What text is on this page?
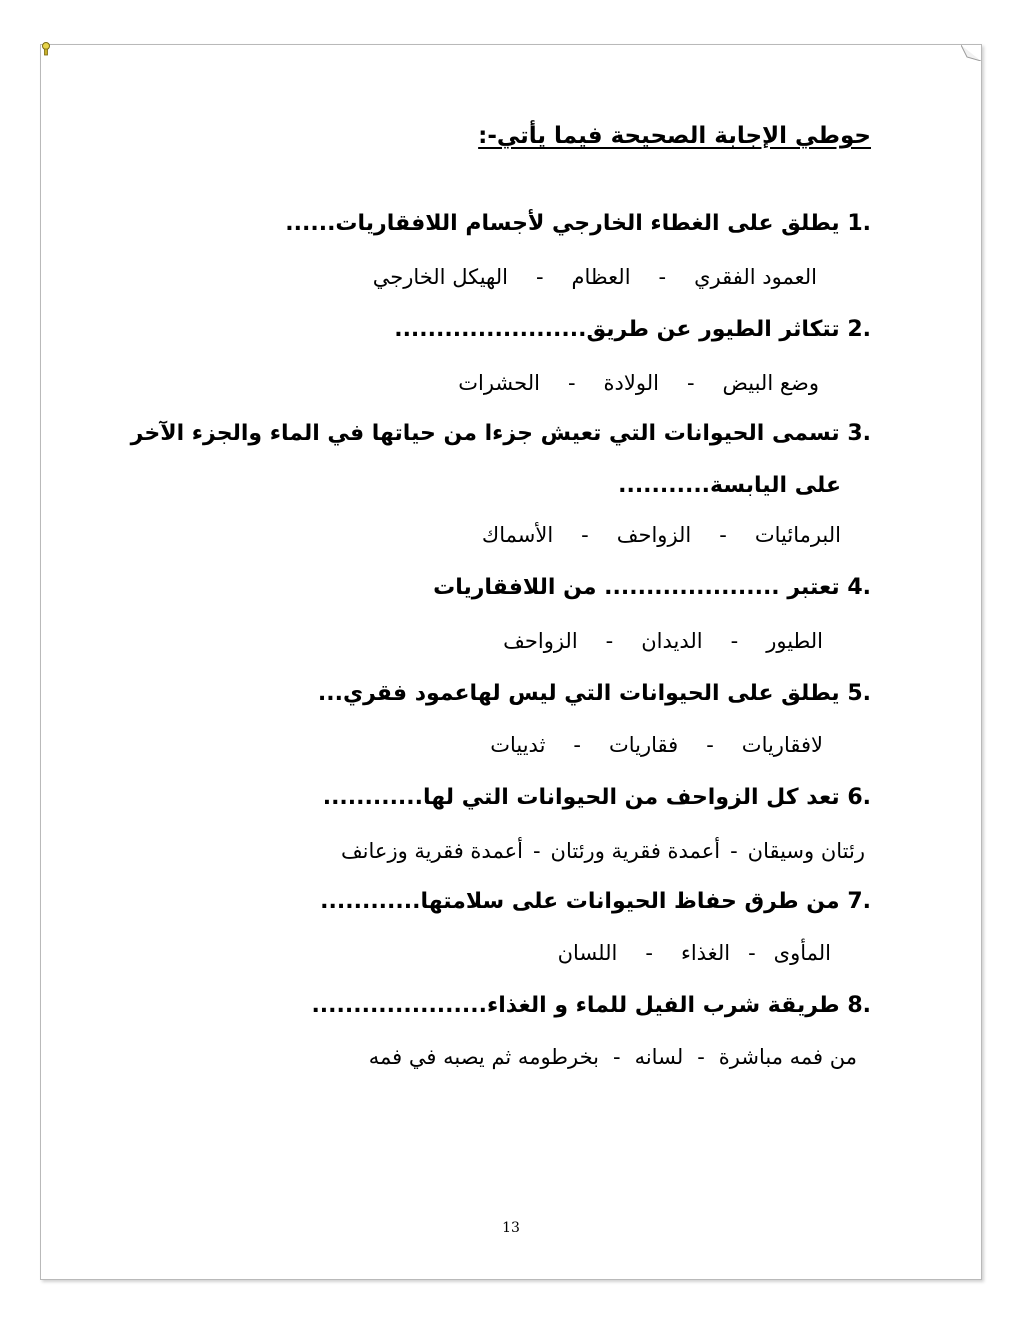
حوطي الإجابة الصحيحة فيما يأتي-:
1. يطلق على الغطاء الخارجي لأجسام اللافقاريات......
العمود الفقري-العظام-الهيكل الخارجي
2. تتكاثر الطيور عن طريق.......................
وضع البيض-الولادة-الحشرات
3. تسمى الحيوانات التي تعيش جزءا من حياتها في الماء والجزء الآخر
على اليابسة...........
البرمائيات-الزواحف-الأسماك
4. تعتبر ..................... من اللافقاريات
الطيور-الديدان-الزواحف
5. يطلق على الحيوانات التي ليس لهاعمود فقري...
لافقاريات-فقاريات-ثدييات
6. تعد كل الزواحف من الحيوانات التي لها............
رئتان وسيقان-أعمدة فقرية ورئتان-أعمدة فقرية وزعانف
7. من طرق حفاظ الحيوانات على سلامتها............
المأوى-الغذاء-اللسان
8. طريقة شرب الفيل للماء و الغذاء.....................
من فمه مباشرة-لسانه-بخرطومه ثم يصبه في فمه
13
